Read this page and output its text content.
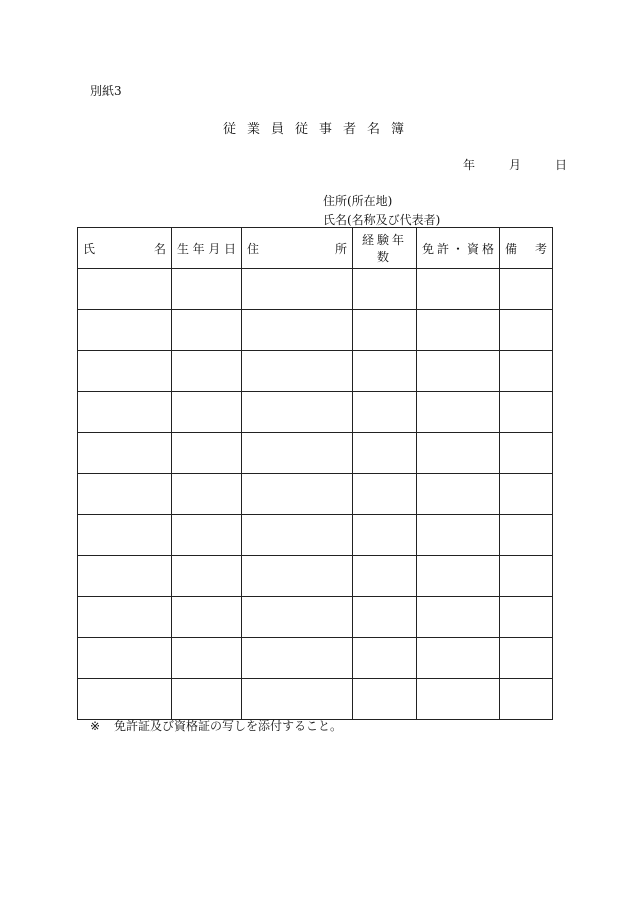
別紙3
従業員従事者名簿
年	月	日
住所(所在地)
氏名(名称及び代表者)
氏 名	生 年 月 日	住 所	経験年数	免 許 ・ 資 格	備 考

※ 免許証及び資格証の写しを添付すること。
